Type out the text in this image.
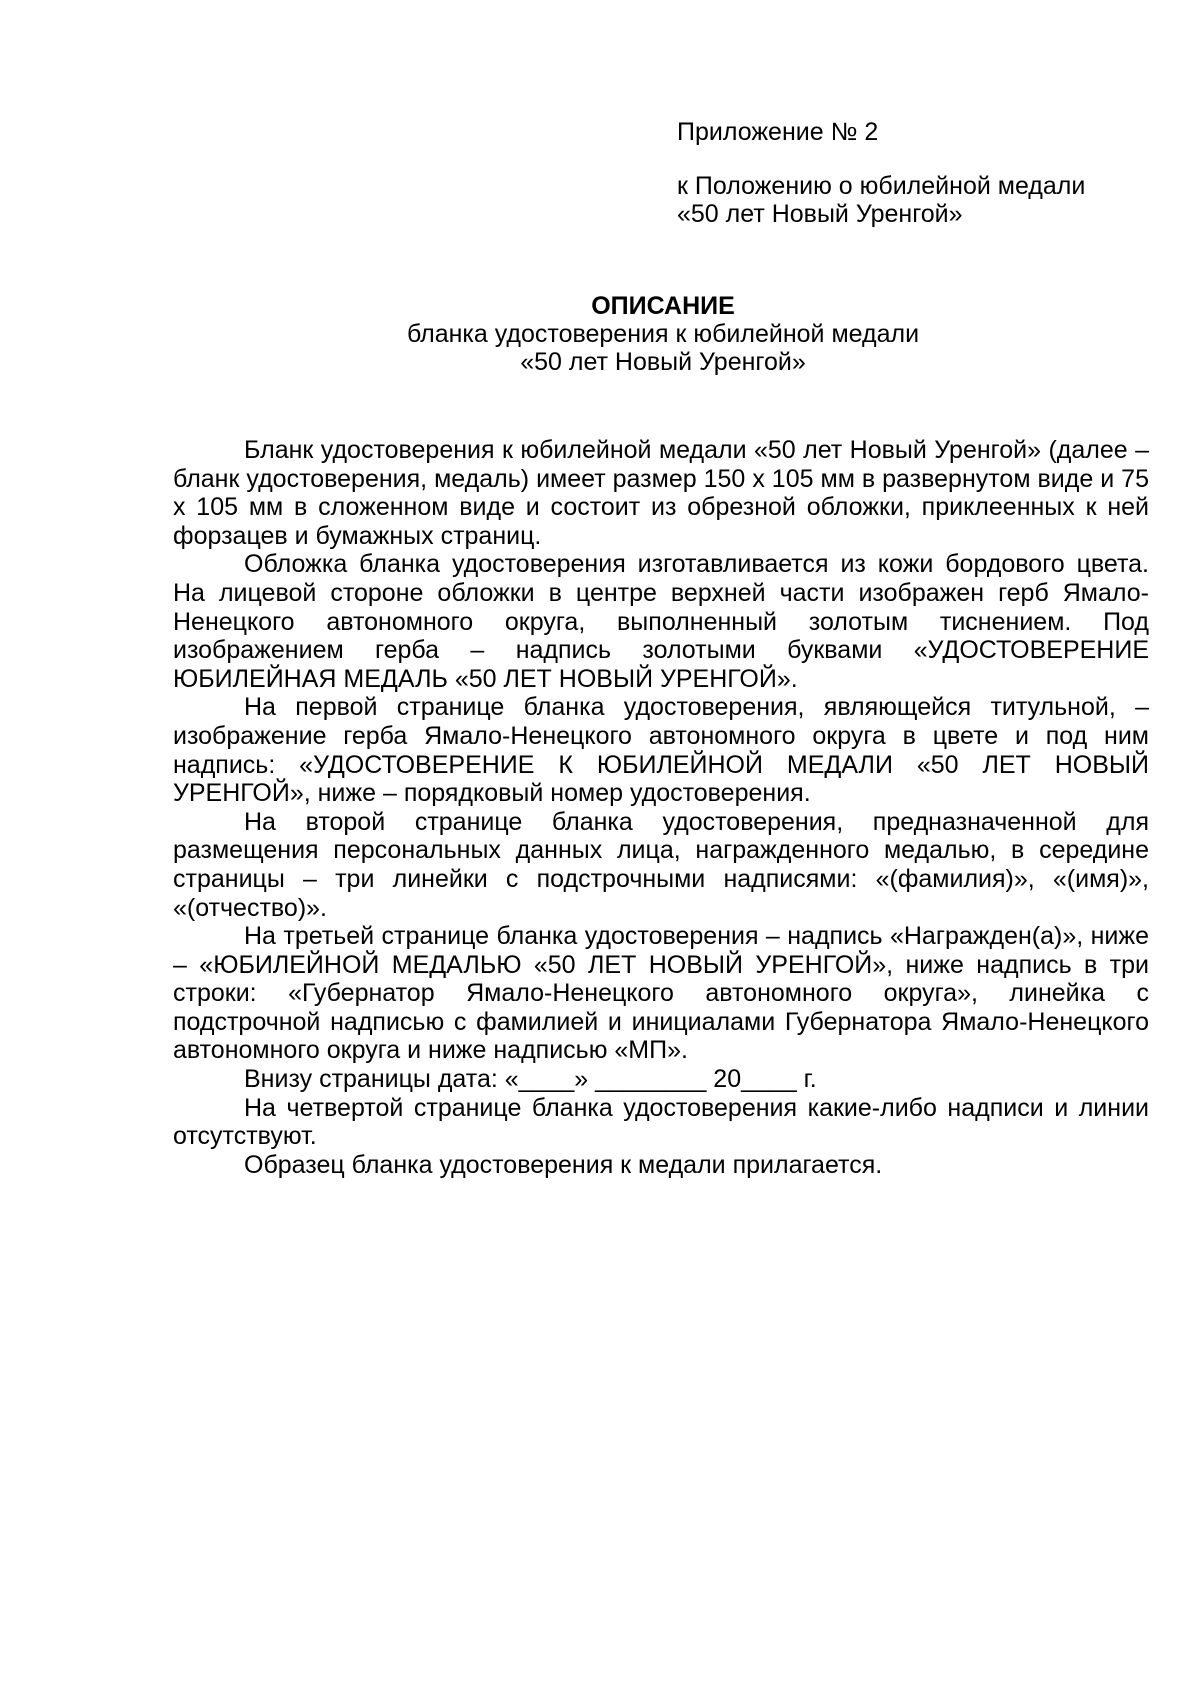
Приложение № 2
к Положению о юбилейной медали
«50 лет Новый Уренгой»
ОПИСАНИЕ
бланка удостоверения к юбилейной медали
«50 лет Новый Уренгой»

Бланк удостоверения к юбилейной медали «50 лет Новый Уренгой» (далее – бланк удостоверения, медаль) имеет размер 150 х 105 мм в развернутом виде и 75 х 105 мм в сложенном виде и состоит из обрезной обложки, приклеенных к ней форзацев и бумажных страниц.

Обложка бланка удостоверения изготавливается из кожи бордового цвета. На лицевой стороне обложки в центре верхней части изображен герб Ямало-Ненецкого автономного округа, выполненный золотым тиснением. Под изображением герба – надпись золотыми буквами «УДОСТОВЕРЕНИЕ ЮБИЛЕЙНАЯ МЕДАЛЬ «50 ЛЕТ НОВЫЙ УРЕНГОЙ».

На первой странице бланка удостоверения, являющейся титульной, – изображение герба Ямало-Ненецкого автономного округа в цвете и под ним надпись: «УДОСТОВЕРЕНИЕ К ЮБИЛЕЙНОЙ МЕДАЛИ «50 ЛЕТ НОВЫЙ УРЕНГОЙ», ниже – порядковый номер удостоверения.

На второй странице бланка удостоверения, предназначенной для размещения персональных данных лица, награжденного медалью, в середине страницы – три линейки с подстрочными надписями: «(фамилия)», «(имя)», «(отчество)».

На третьей странице бланка удостоверения – надпись «Награжден(а)», ниже – «ЮБИЛЕЙНОЙ МЕДАЛЬЮ «50 ЛЕТ НОВЫЙ УРЕНГОЙ», ниже надпись в три строки: «Губернатор Ямало-Ненецкого автономного округа», линейка с подстрочной надписью с фамилией и инициалами Губернатора Ямало-Ненецкого автономного округа и ниже надписью «МП».

Внизу страницы дата: «____» ________ 20____ г.

На четвертой странице бланка удостоверения какие-либо надписи и линии отсутствуют.

Образец бланка удостоверения к медали прилагается.
